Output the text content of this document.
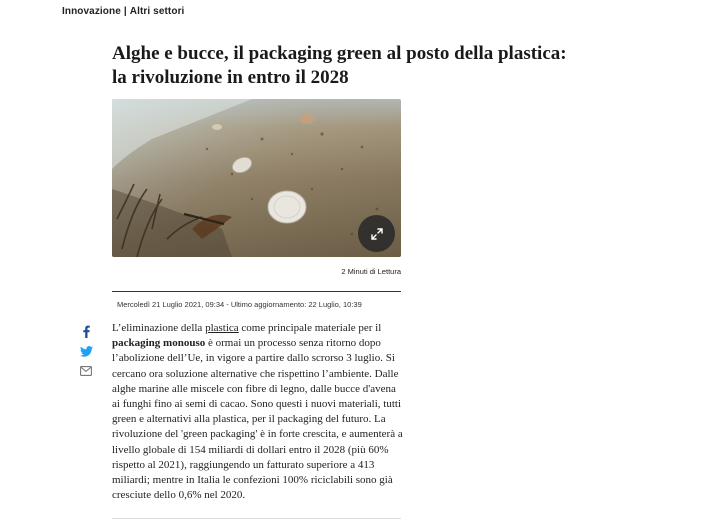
Innovazione | Altri settori
Alghe e bucce, il packaging green al posto della plastica: la rivoluzione in entro il 2028
2 Minuti di Lettura
Mercoledì 21 Luglio 2021, 09:34 - Ultimo aggiornamento: 22 Luglio, 10:39

L’eliminazione della plastica come principale materiale per il packaging monouso è ormai un processo senza ritorno dopo l’abolizione dell’Ue, in vigore a partire dallo scrorso 3 luglio. Si cercano ora soluzione alternative che rispettino l’ambiente. Dalle alghe marine alle miscele con fibre di legno, dalle bucce d'avena ai funghi fino ai semi di cacao. Sono questi i nuovi materiali, tutti green e alternativi alla plastica, per il packaging del futuro. La rivoluzione del 'green packaging' è in forte crescita, e aumenterà a livello globale di 154 miliardi di dollari entro il 2028 (più 60% rispetto al 2021), raggiungendo un fatturato superiore a 413 miliardi; mentre in Italia le confezioni 100% riciclabili sono già cresciute dello 0,6% nel 2020.
